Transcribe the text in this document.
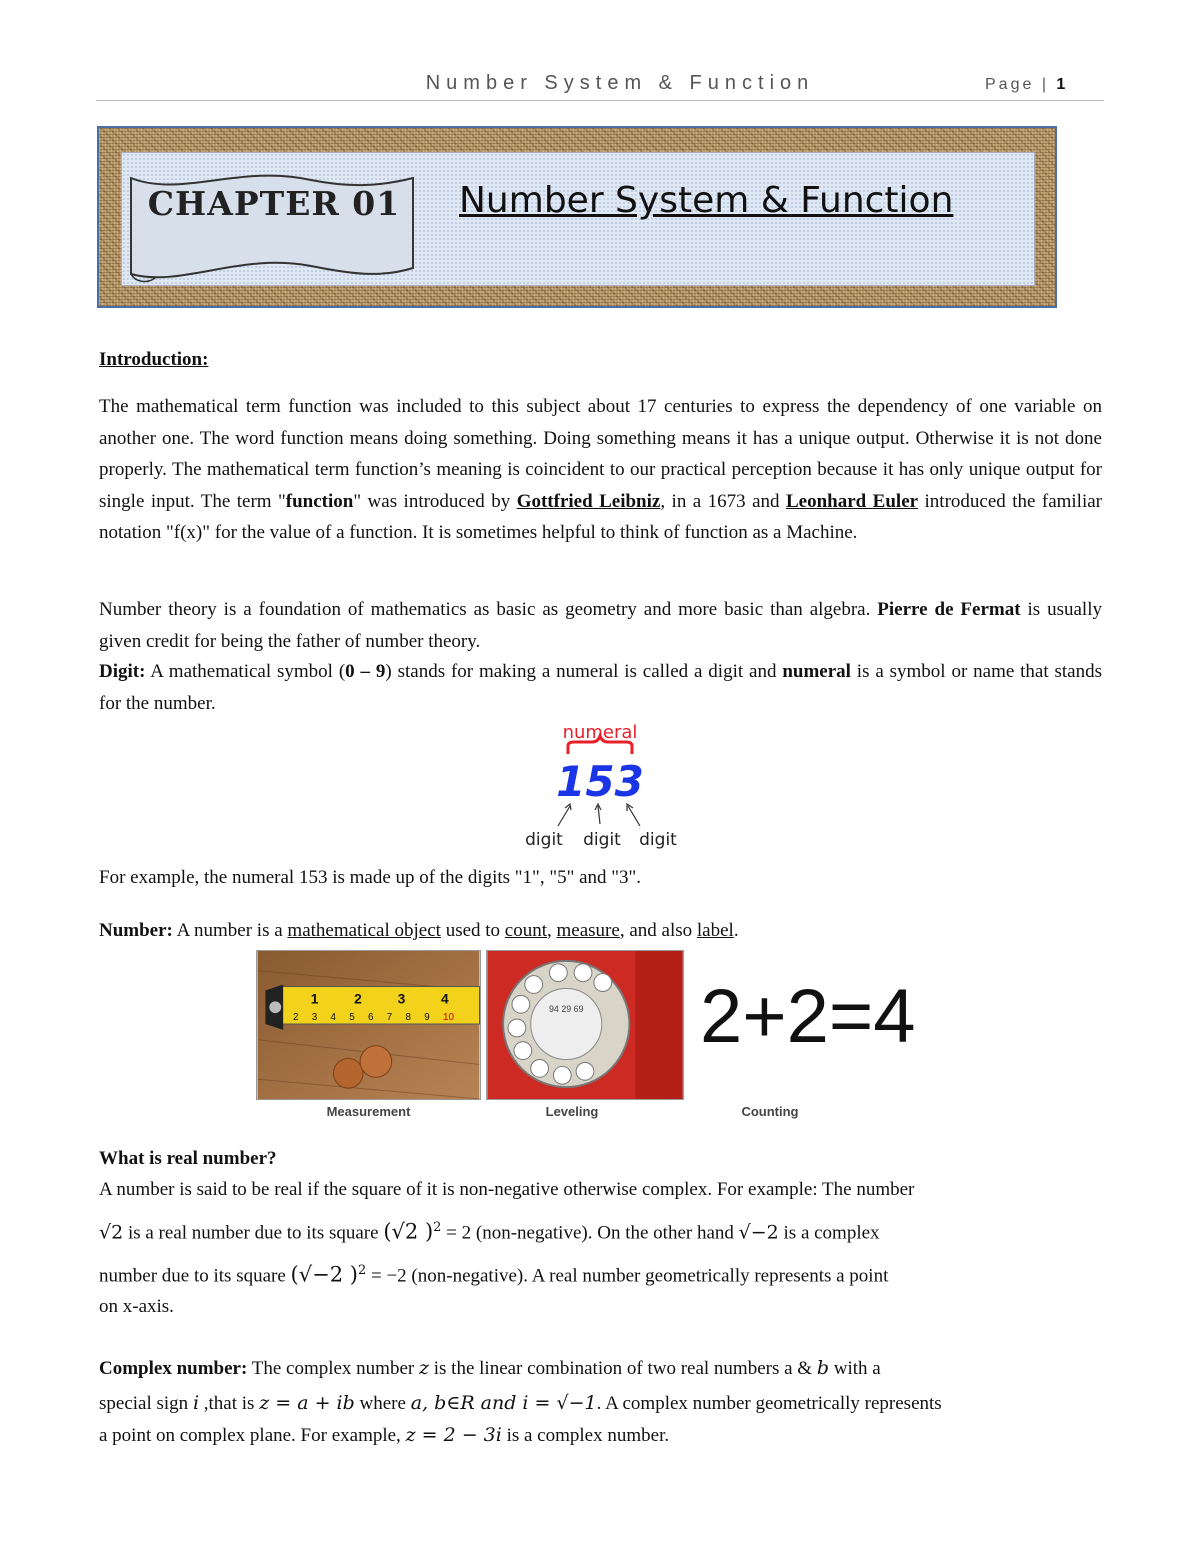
Number System & Function	Page | 1
CHAPTER 01	Number System & Function
Introduction:
The mathematical term function was included to this subject about 17 centuries to express the dependency of one variable on another one. The word function means doing something. Doing something means it has a unique output. Otherwise it is not done properly. The mathematical term function’s meaning is coincident to our practical perception because it has only unique output for single input. The term "function" was introduced by Gottfried Leibniz, in a 1673 and Leonhard Euler introduced the familiar notation "f(x)" for the value of a function. It is sometimes helpful to think of function as a Machine.
Number theory is a foundation of mathematics as basic as geometry and more basic than algebra. Pierre de Fermat is usually given credit for being the father of number theory.
Digit: A mathematical symbol (0 – 9) stands for making a numeral is called a digit and numeral is a symbol or name that stands for the number.
numeral
153
digit digit digit
For example, the numeral 153 is made up of the digits "1", "5" and "3".
Number: A number is a mathematical object used to count, measure, and also label.
1	2	3	4
2 3 4 5 6 7 8 9 10
94 29 69 2+2=4
Measurement	Leveling	Counting
What is real number?
A number is said to be real if the square of it is non-negative otherwise complex. For example: The number
√2 is a real number due to its square (√2 )$^2$ = 2 (non-negative). On the other hand √−2 is a complex
number due to its square (√−2 )$^2$ = −2 (non-negative). A real number geometrically represents a point
on x-axis.
Complex number: The complex number z is the linear combination of two real numbers a & b with a
special sign i ,that is z = a + ib where a, b∈R and i = √−1. A complex number geometrically represents
a point on complex plane. For example, z = 2 − 3i is a complex number.
